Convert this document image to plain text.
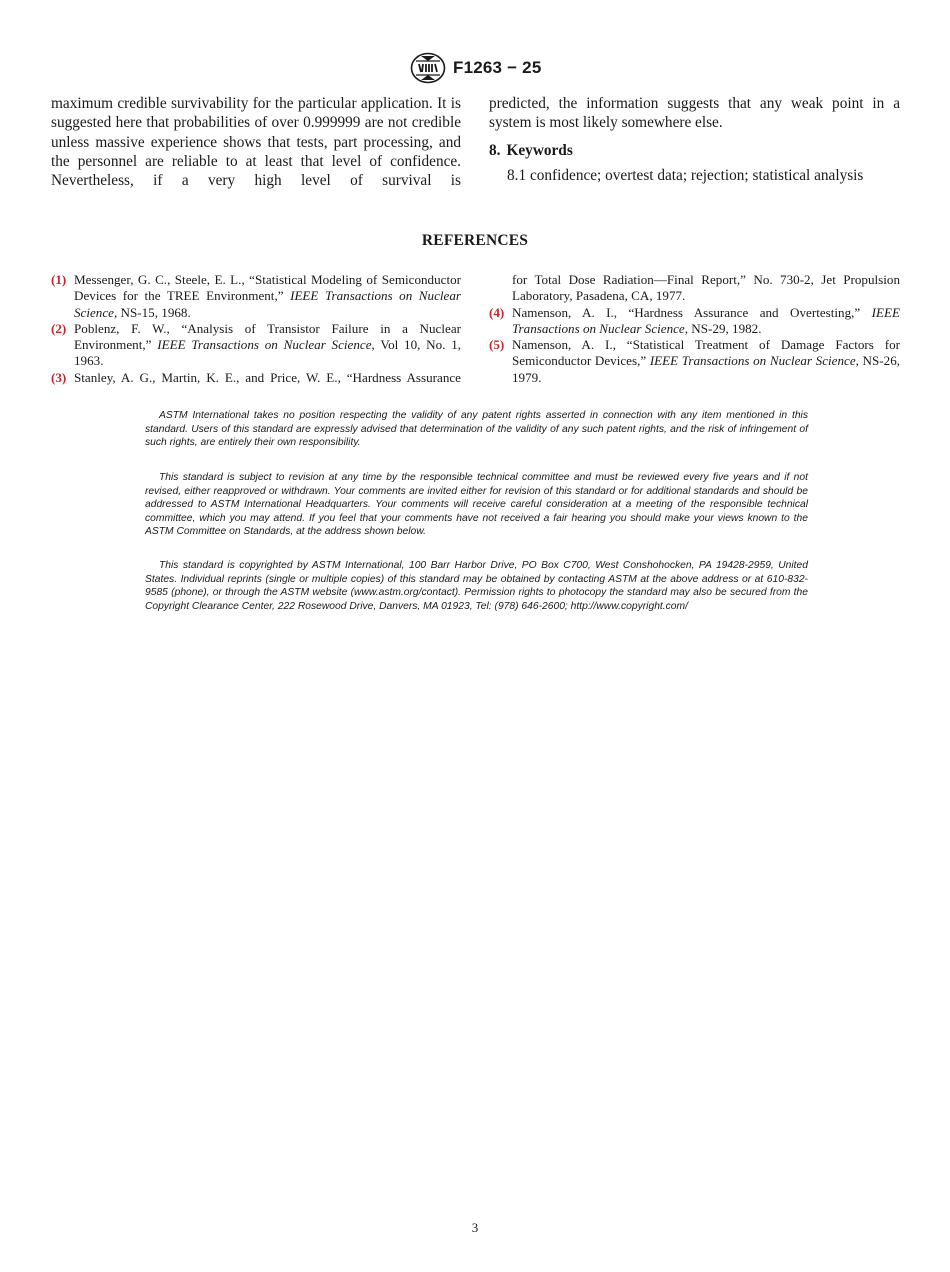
F1263 − 25

maximum credible survivability for the particular application. It is suggested here that probabilities of over 0.999999 are not credible unless massive experience shows that tests, part processing, and the personnel are reliable to at least that level of confidence. Nevertheless, if a very high level of survival is

predicted, the information suggests that any weak point in a system is most likely somewhere else.

8. Keywords

8.1 confidence; overtest data; rejection; statistical analysis

REFERENCES
(1) Messenger, G. C., Steele, E. L., “Statistical Modeling of Semiconductor Devices for the TREE Environment,” IEEE Transactions on Nuclear Science, NS-15, 1968.
(2) Poblenz, F. W., “Analysis of Transistor Failure in a Nuclear Environment,” IEEE Transactions on Nuclear Science, Vol 10, No. 1, 1963.
(3) Stanley, A. G., Martin, K. E., and Price, W. E., “Hardness Assurance
for Total Dose Radiation—Final Report,” No. 730-2, Jet Propulsion Laboratory, Pasadena, CA, 1977.
(4) Namenson, A. I., “Hardness Assurance and Overtesting,” IEEE Transactions on Nuclear Science, NS-29, 1982.
(5) Namenson, A. I., “Statistical Treatment of Damage Factors for Semiconductor Devices,” IEEE Transactions on Nuclear Science, NS-26, 1979.

ASTM International takes no position respecting the validity of any patent rights asserted in connection with any item mentioned in this standard. Users of this standard are expressly advised that determination of the validity of any such patent rights, and the risk of infringement of such rights, are entirely their own responsibility.

This standard is subject to revision at any time by the responsible technical committee and must be reviewed every five years and if not revised, either reapproved or withdrawn. Your comments are invited either for revision of this standard or for additional standards and should be addressed to ASTM International Headquarters. Your comments will receive careful consideration at a meeting of the responsible technical committee, which you may attend. If you feel that your comments have not received a fair hearing you should make your views known to the ASTM Committee on Standards, at the address shown below.

This standard is copyrighted by ASTM International, 100 Barr Harbor Drive, PO Box C700, West Conshohocken, PA 19428-2959, United States. Individual reprints (single or multiple copies) of this standard may be obtained by contacting ASTM at the above address or at 610-832-9585 (phone), or through the ASTM website (www.astm.org/contact). Permission rights to photocopy the standard may also be secured from the Copyright Clearance Center, 222 Rosewood Drive, Danvers, MA 01923, Tel: (978) 646-2600; http://www.copyright.com/

3
